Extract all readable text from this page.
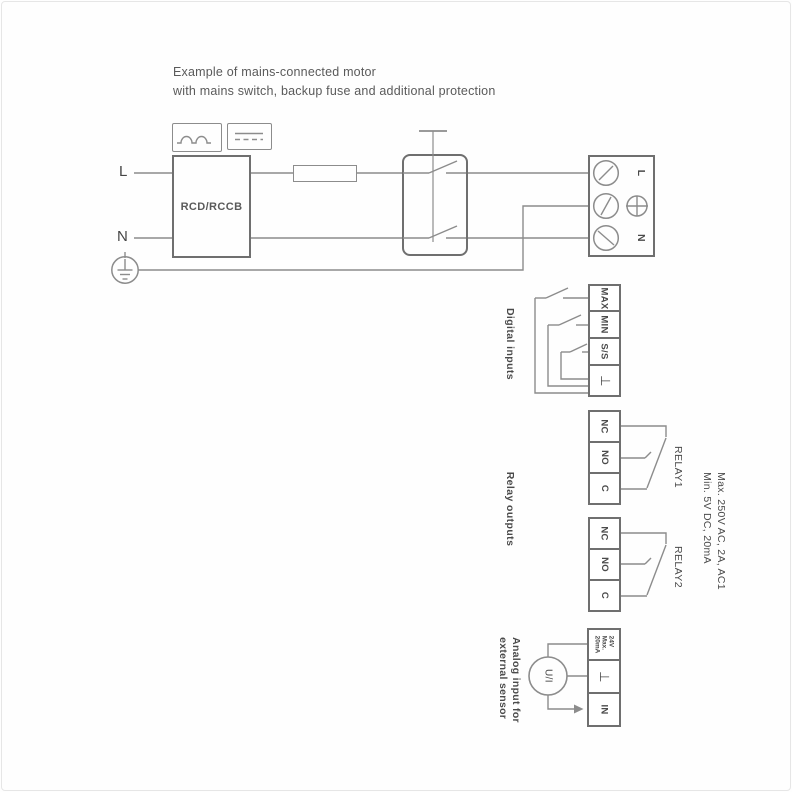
Example of mains-connected motor
with mains switch, backup fuse and additional protection
L
N
RCD/RCCB
L
N
Digital inputs
MAX
MIN
S/S
⊥
Relay outputs
NC
NO
C
RELAY1
NC
NO
C
RELAY2	Max. 250V AC, 2A, AC1
Min. 5V DC, 20mA
Analog input for
external sensor	24V
Max.
20mA
⊥
IN
U/I
